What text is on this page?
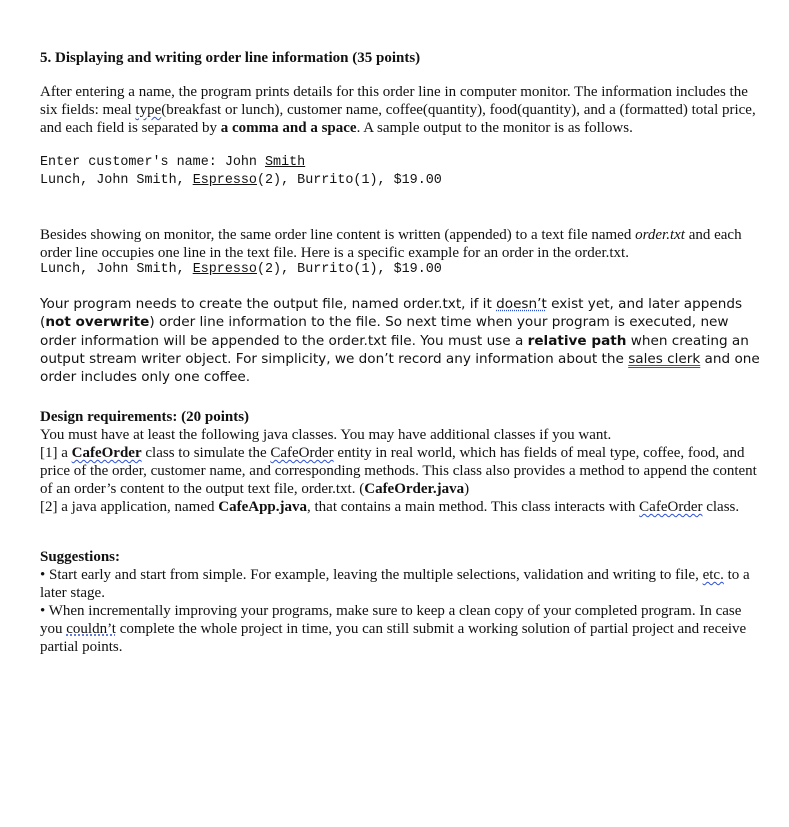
5. Displaying and writing order line information (35 points)

After entering a name, the program prints details for this order line in computer monitor. The information includes the six fields: meal type(breakfast or lunch), customer name, coffee(quantity), food(quantity), and a (formatted) total price, and each field is separated by a comma and a space. A sample output to the monitor is as follows.

Enter customer's name: John Smith
Lunch, John Smith, Espresso(2), Burrito(1), $19.00

Besides showing on monitor, the same order line content is written (appended) to a text file named order.txt and each order line occupies one line in the text file. Here is a specific example for an order in the order.txt.

Lunch, John Smith, Espresso(2), Burrito(1), $19.00

Your program needs to create the output file, named order.txt, if it doesn’t exist yet, and later appends (not overwrite) order line information to the file. So next time when your program is executed, new order information will be appended to the order.txt file. You must use a relative path when creating an output stream writer object. For simplicity, we don’t record any information about the sales clerk and one order includes only one coffee.

Design requirements: (20 points)

You must have at least the following java classes. You may have additional classes if you want.

[1] a CafeOrder class to simulate the CafeOrder entity in real world, which has fields of meal type, coffee, food, and price of the order, customer name, and corresponding methods. This class also provides a method to append the content of an order’s content to the output text file, order.txt. (CafeOrder.java)

[2] a java application, named CafeApp.java, that contains a main method. This class interacts with CafeOrder class.

Suggestions:

• Start early and start from simple. For example, leaving the multiple selections, validation and writing to file, etc. to a later stage.

• When incrementally improving your programs, make sure to keep a clean copy of your completed program. In case you couldn’t complete the whole project in time, you can still submit a working solution of partial project and receive partial points.
